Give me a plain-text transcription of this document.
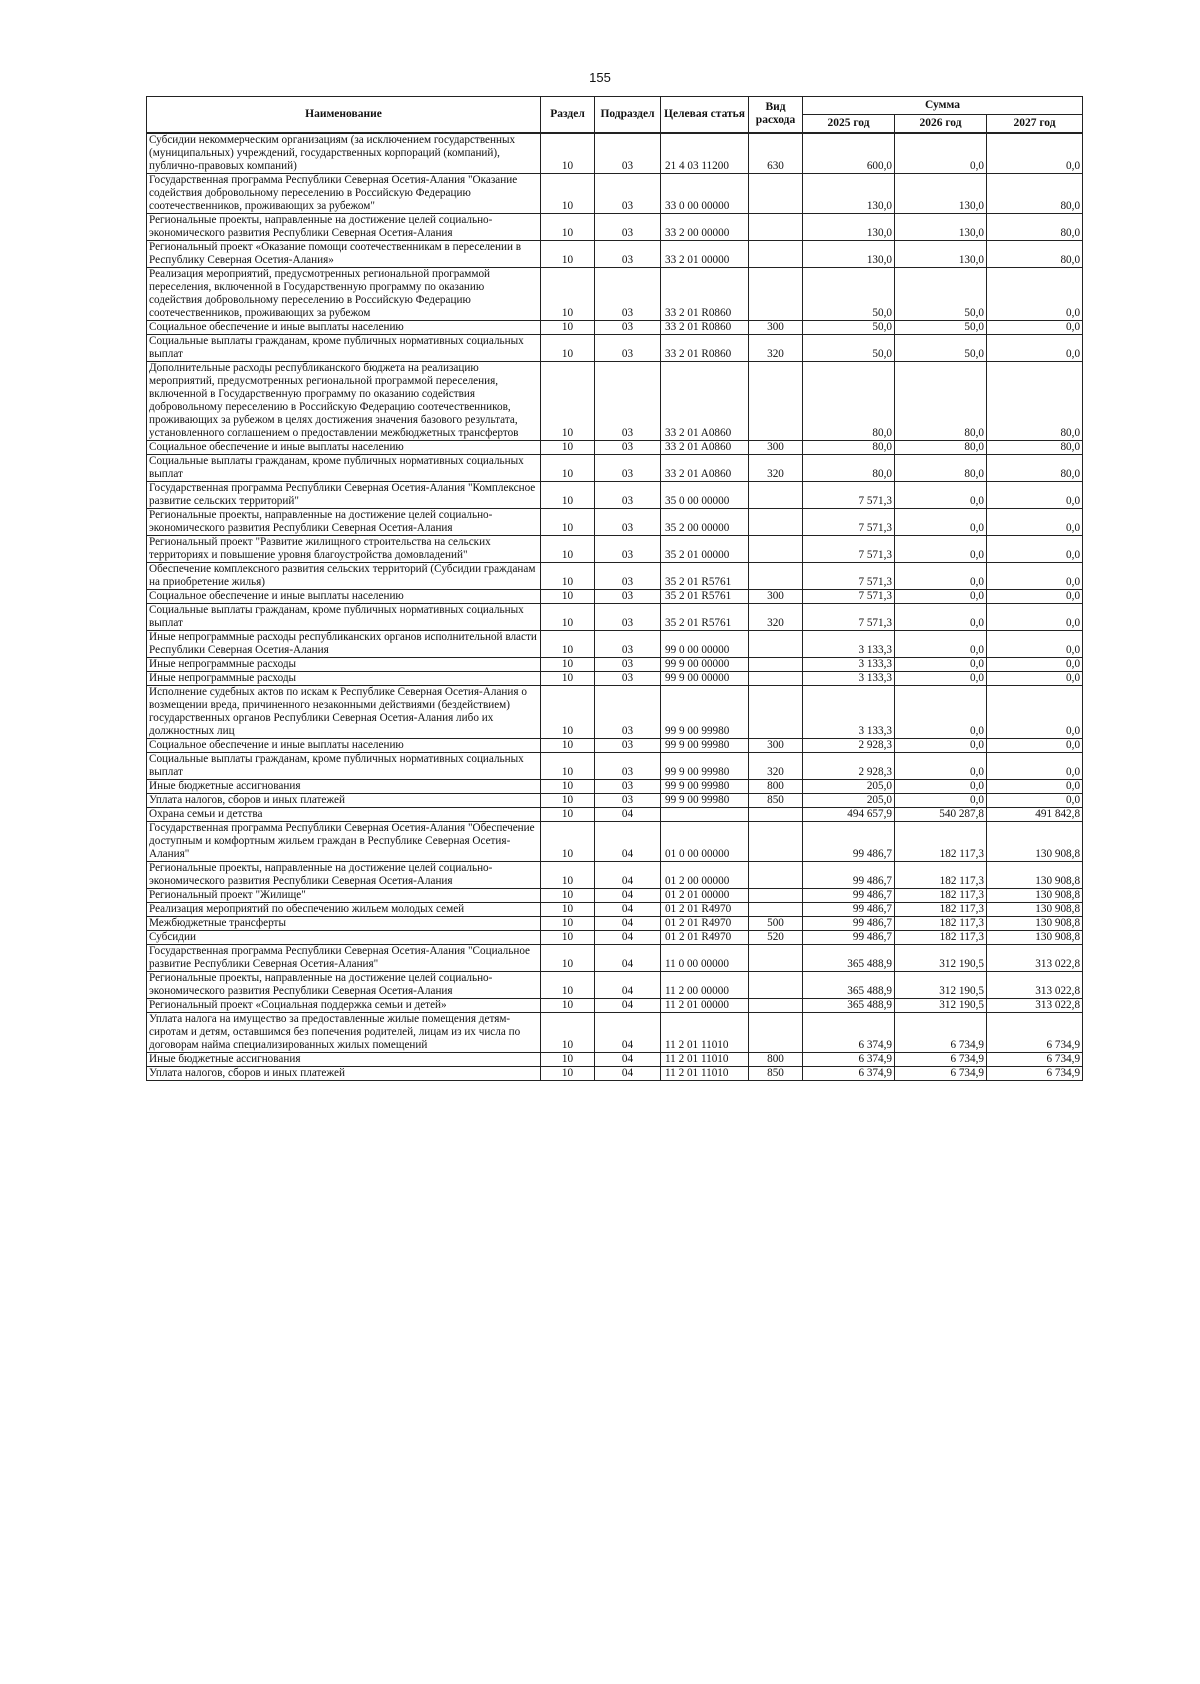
155
Наименование	Раздел	Подраздел	Целевая статья	Вид расхода	Сумма		
					2025 год	2026 год	2027 год
Субсидии некоммерческим организациям (за исключением государственных (муниципальных) учреждений, государственных корпораций (компаний), публично-правовых компаний)	10	03	21 4 03 11200	630	600,0	0,0	0,0
Государственная программа Республики Северная Осетия-Алания "Оказание содействия добровольному переселению в Российскую Федерацию соотечественников, проживающих за рубежом"	10	03	33 0 00 00000		130,0	130,0	80,0
Региональные проекты, направленные на достижение целей социально-экономического развития Республики Северная Осетия-Алания	10	03	33 2 00 00000		130,0	130,0	80,0
Региональный проект «Оказание помощи соотечественникам в переселении в Республику Северная Осетия-Алания»	10	03	33 2 01 00000		130,0	130,0	80,0
Реализация мероприятий, предусмотренных региональной программой переселения, включенной в Государственную программу по оказанию содействия добровольному переселению в Российскую Федерацию соотечественников, проживающих за рубежом	10	03	33 2 01 R0860		50,0	50,0	0,0
Социальное обеспечение и иные выплаты населению	10	03	33 2 01 R0860	300	50,0	50,0	0,0
Социальные выплаты гражданам, кроме публичных нормативных социальных выплат	10	03	33 2 01 R0860	320	50,0	50,0	0,0
Дополнительные расходы республиканского бюджета на реализацию мероприятий, предусмотренных региональной программой переселения, включенной в Государственную программу по оказанию содействия добровольному переселению в Российскую Федерацию соотечественников, проживающих за рубежом в целях достижения значения базового результата, установленного соглашением о предоставлении межбюджетных трансфертов	10	03	33 2 01 A0860		80,0	80,0	80,0
Социальное обеспечение и иные выплаты населению	10	03	33 2 01 A0860	300	80,0	80,0	80,0
Социальные выплаты гражданам, кроме публичных нормативных социальных выплат	10	03	33 2 01 A0860	320	80,0	80,0	80,0
Государственная программа Республики Северная Осетия-Алания "Комплексное развитие сельских территорий"	10	03	35 0 00 00000		7 571,3	0,0	0,0
Региональные проекты, направленные на достижение целей социально-экономического развития Республики Северная Осетия-Алания	10	03	35 2 00 00000		7 571,3	0,0	0,0
Региональный проект "Развитие жилищного строительства на сельских территориях и повышение уровня благоустройства домовладений"	10	03	35 2 01 00000		7 571,3	0,0	0,0
Обеспечение комплексного развития сельских территорий (Субсидии гражданам на приобретение жилья)	10	03	35 2 01 R5761		7 571,3	0,0	0,0
Социальное обеспечение и иные выплаты населению	10	03	35 2 01 R5761	300	7 571,3	0,0	0,0
Социальные выплаты гражданам, кроме публичных нормативных социальных выплат	10	03	35 2 01 R5761	320	7 571,3	0,0	0,0
Иные непрограммные расходы республиканских органов исполнительной власти Республики Северная Осетия-Алания	10	03	99 0 00 00000		3 133,3	0,0	0,0
Иные непрограммные расходы	10	03	99 9 00 00000		3 133,3	0,0	0,0
Иные непрограммные расходы	10	03	99 9 00 00000		3 133,3	0,0	0,0
Исполнение судебных актов по искам к Республике Северная Осетия-Алания о возмещении вреда, причиненного незаконными действиями (бездействием) государственных органов Республики Северная Осетия-Алания либо их должностных лиц	10	03	99 9 00 99980		3 133,3	0,0	0,0
Социальное обеспечение и иные выплаты населению	10	03	99 9 00 99980	300	2 928,3	0,0	0,0
Социальные выплаты гражданам, кроме публичных нормативных социальных выплат	10	03	99 9 00 99980	320	2 928,3	0,0	0,0
Иные бюджетные ассигнования	10	03	99 9 00 99980	800	205,0	0,0	0,0
Уплата налогов, сборов и иных платежей	10	03	99 9 00 99980	850	205,0	0,0	0,0
Охрана семьи и детства	10	04			494 657,9	540 287,8	491 842,8
Государственная программа Республики Северная Осетия-Алания "Обеспечение доступным и комфортным жильем граждан в Республике Северная Осетия-Алания"	10	04	01 0 00 00000		99 486,7	182 117,3	130 908,8
Региональные проекты, направленные на достижение целей социально-экономического развития Республики Северная Осетия-Алания	10	04	01 2 00 00000		99 486,7	182 117,3	130 908,8
Региональный проект "Жилище"	10	04	01 2 01 00000		99 486,7	182 117,3	130 908,8
Реализация мероприятий по обеспечению жильем молодых семей	10	04	01 2 01 R4970		99 486,7	182 117,3	130 908,8
Межбюджетные трансферты	10	04	01 2 01 R4970	500	99 486,7	182 117,3	130 908,8
Субсидии	10	04	01 2 01 R4970	520	99 486,7	182 117,3	130 908,8
Государственная программа Республики Северная Осетия-Алания "Социальное развитие Республики Северная Осетия-Алания"	10	04	11 0 00 00000		365 488,9	312 190,5	313 022,8
Региональные проекты, направленные на достижение целей социально-экономического развития Республики Северная Осетия-Алания	10	04	11 2 00 00000		365 488,9	312 190,5	313 022,8
Региональный проект «Социальная поддержка семьи и детей»	10	04	11 2 01 00000		365 488,9	312 190,5	313 022,8
Уплата налога на имущество за предоставленные жилые помещения детям-сиротам и детям, оставшимся без попечения родителей, лицам из их числа по договорам найма специализированных жилых помещений	10	04	11 2 01 11010		6 374,9	6 734,9	6 734,9
Иные бюджетные ассигнования	10	04	11 2 01 11010	800	6 374,9	6 734,9	6 734,9
Уплата налогов, сборов и иных платежей	10	04	11 2 01 11010	850	6 374,9	6 734,9	6 734,9
